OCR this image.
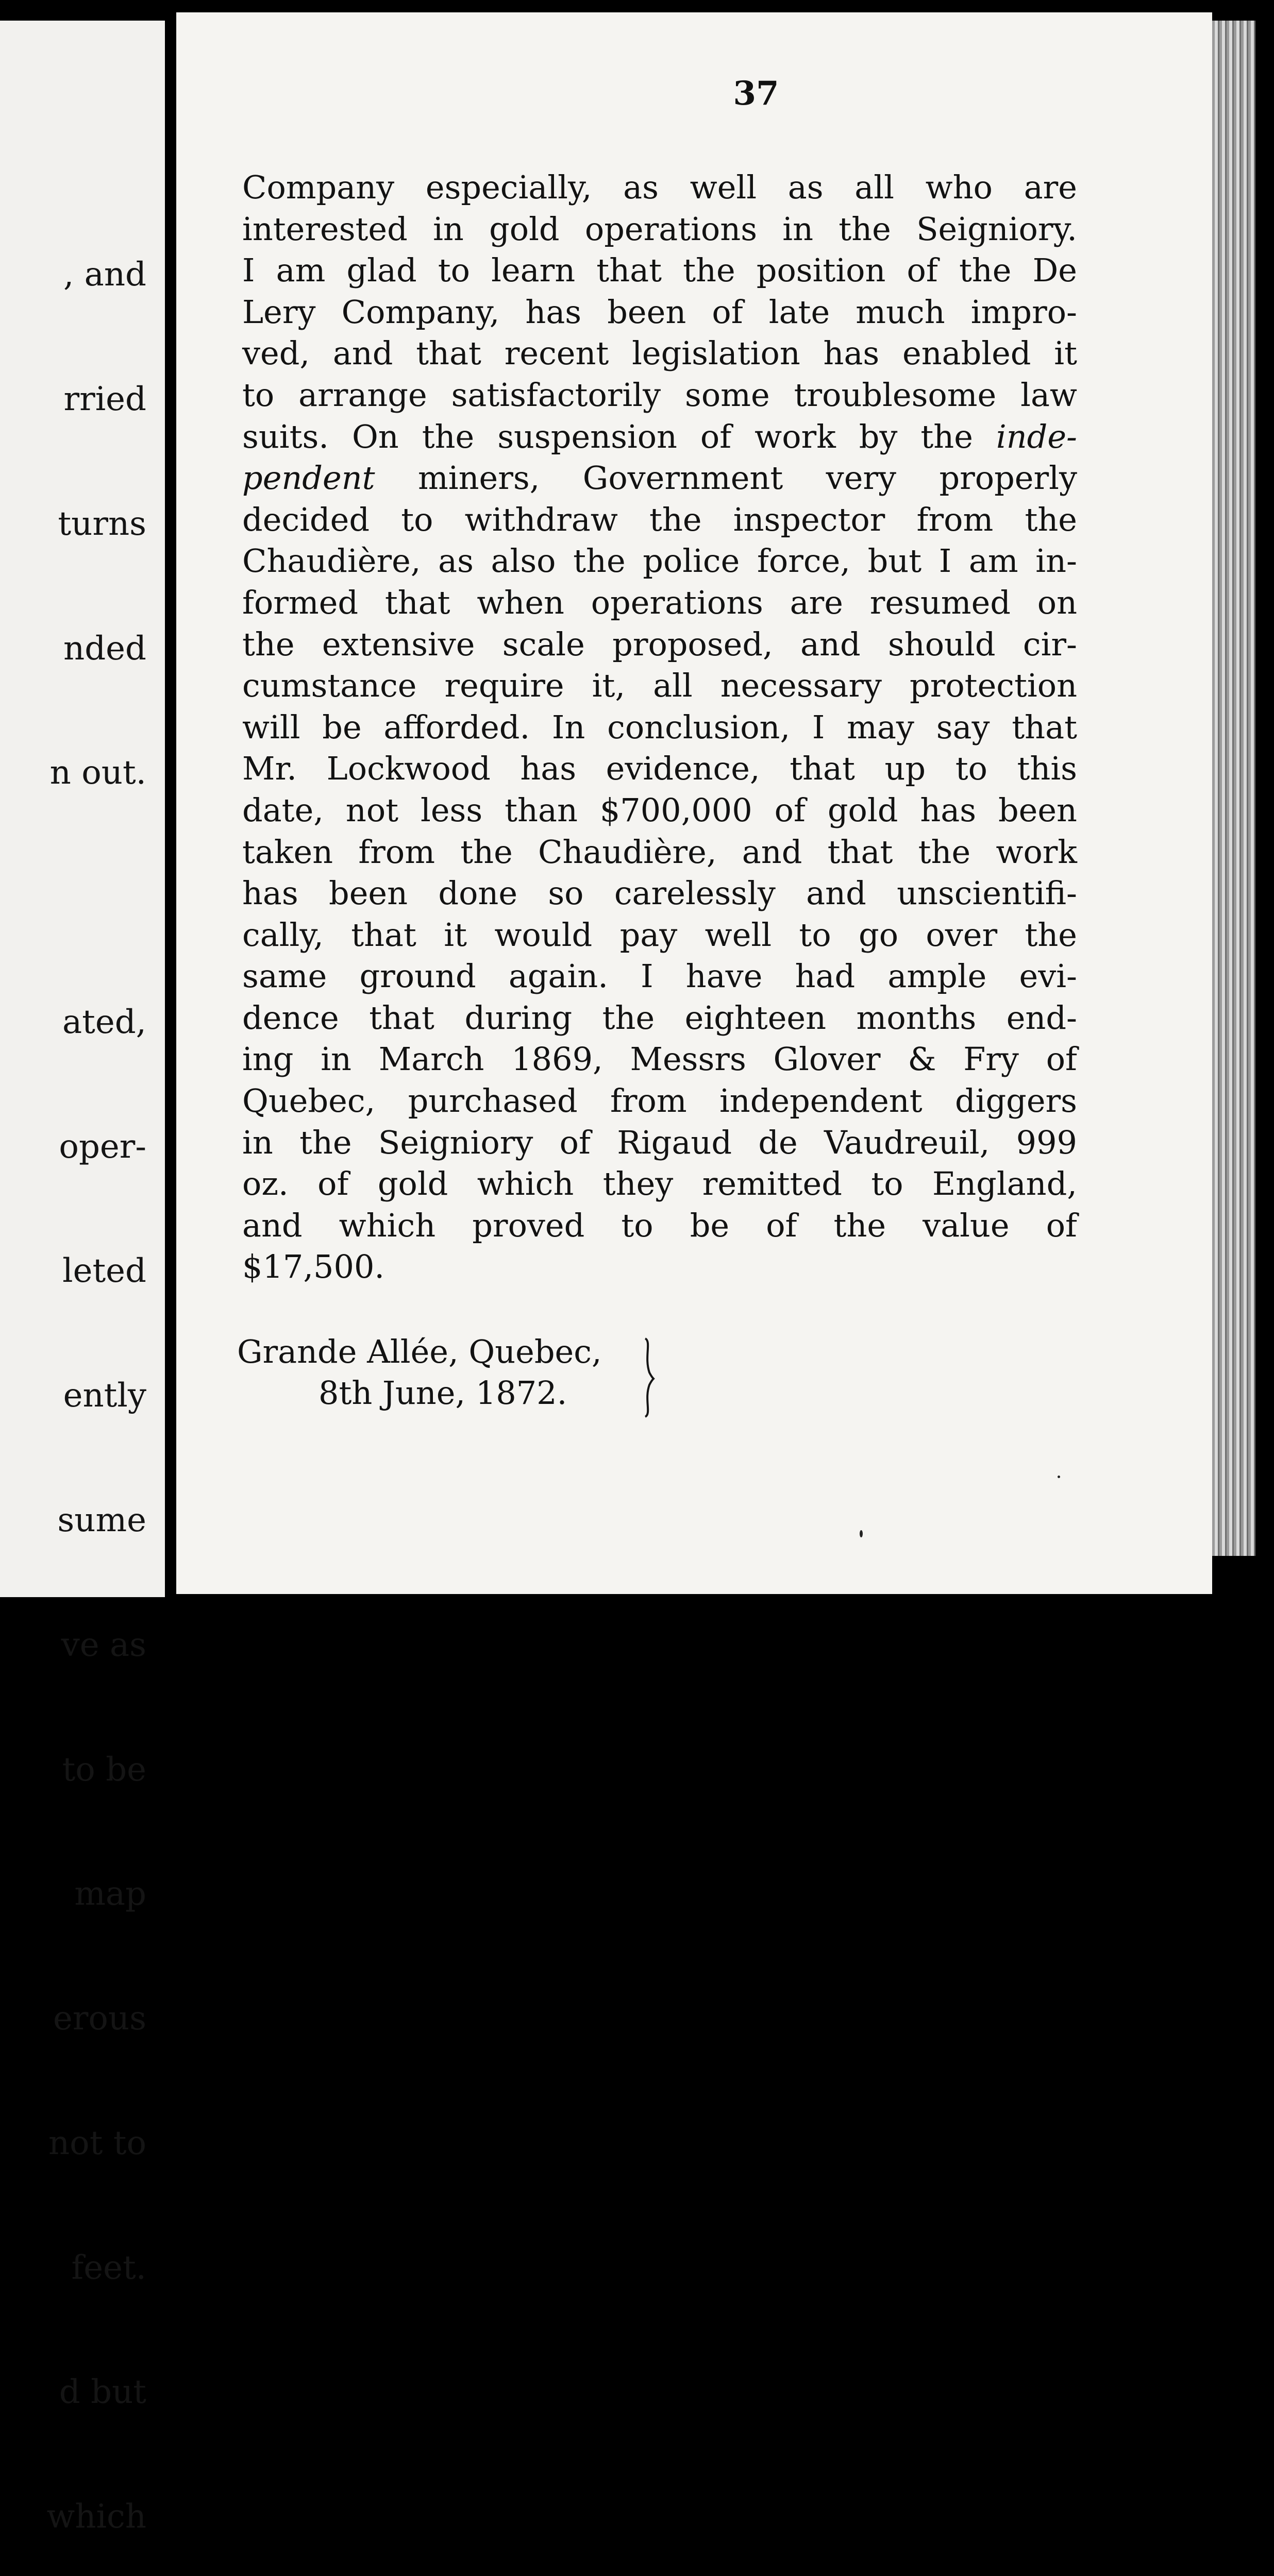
, and

rried

turns

nded

n out.

ated,

oper-

leted

ently

sume

ve as

to be

map

erous

not to

feet.

d but

which

37
Company especially, as well as all who are
interested in gold operations in the Seigniory.
I am glad to learn that the position of the De
Lery Company, has been of late much impro-
ved, and that recent legislation has enabled it
to arrange satisfactorily some troublesome law
suits. On the suspension of work by the inde-
pendent miners, Government very properly
decided to withdraw the inspector from the
Chaudière, as also the police force, but I am in-
formed that when operations are resumed on
the extensive scale proposed, and should cir-
cumstance require it, all necessary protection
will be afforded. In conclusion, I may say that
Mr. Lockwood has evidence, that up to this
date, not less than $700,000 of gold has been
taken from the Chaudière, and that the work
has been done so carelessly and unscientifi-
cally, that it would pay well to go over the
same ground again. I have had ample evi-
dence that during the eighteen months end-
ing in March 1869, Messrs Glover & Fry of
Quebec, purchased from independent diggers
in the Seigniory of Rigaud de Vaudreuil, 999
oz. of gold which they remitted to England,
and which proved to be of the value of
$17,500.
Grande Allée, Quebec,
8th June, 1872.
